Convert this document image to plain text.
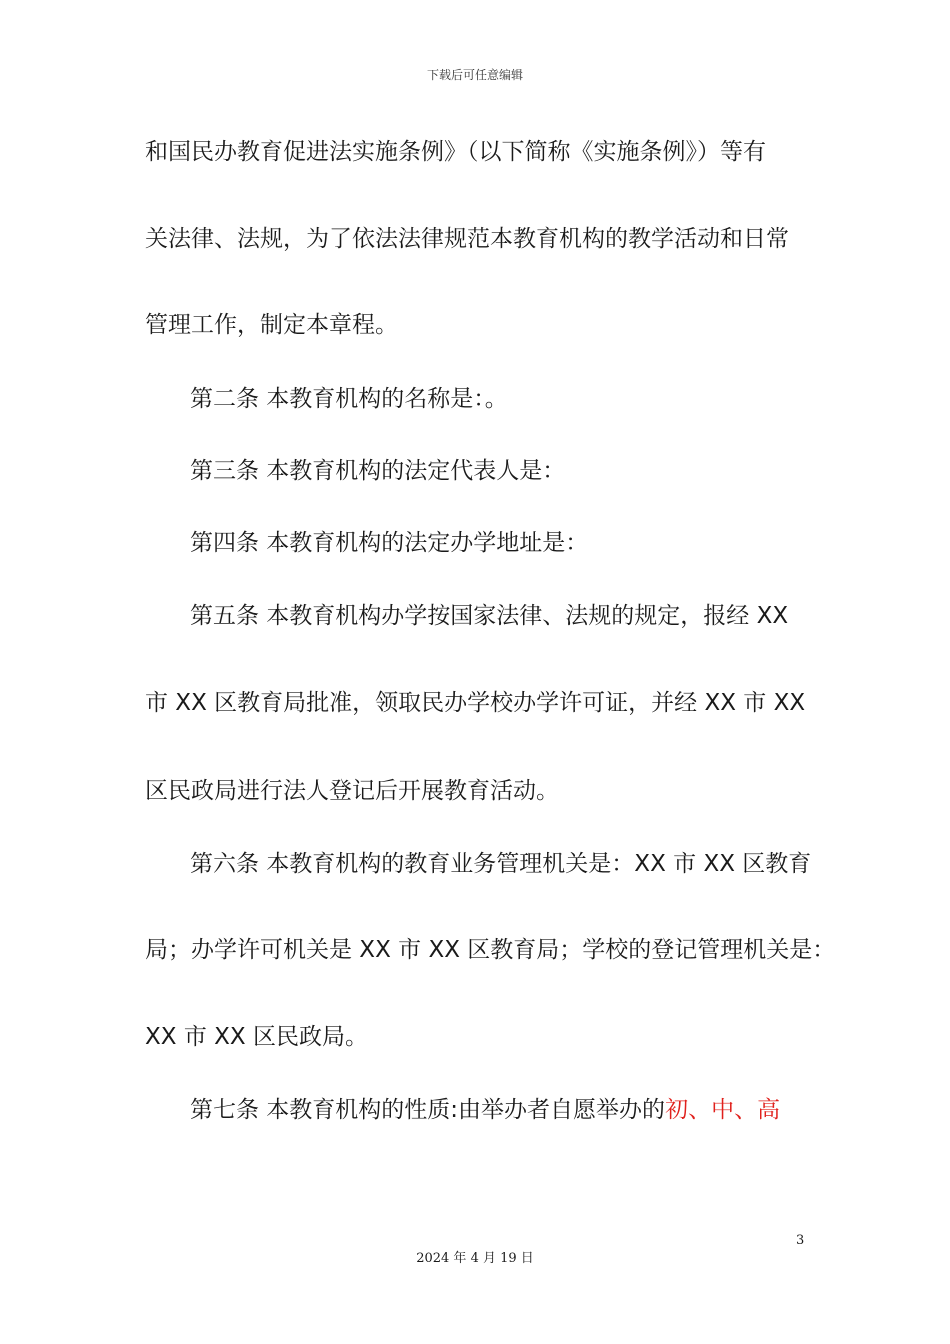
下载后可任意编辑
和国民办教育促进法实施条例》（以下简称《实施条例》）等有
关法律、法规，为了依法法律规范本教育机构的教学活动和日常
管理工作，制定本章程。
第二条 本教育机构的名称是：。
第三条 本教育机构的法定代表人是：
第四条 本教育机构的法定办学地址是：
第五条 本教育机构办学按国家法律、法规的规定，报经 XX
市 XX 区教育局批准，领取民办学校办学许可证，并经 XX 市 XX
区民政局进行法人登记后开展教育活动。
第六条 本教育机构的教育业务管理机关是：XX 市 XX 区教育
局；办学许可机关是 XX 市 XX 区教育局；学校的登记管理机关是：
XX 市 XX 区民政局。
第七条 本教育机构的性质:由举办者自愿举办的初、中、高
3
2024 年 4 月 19 日
